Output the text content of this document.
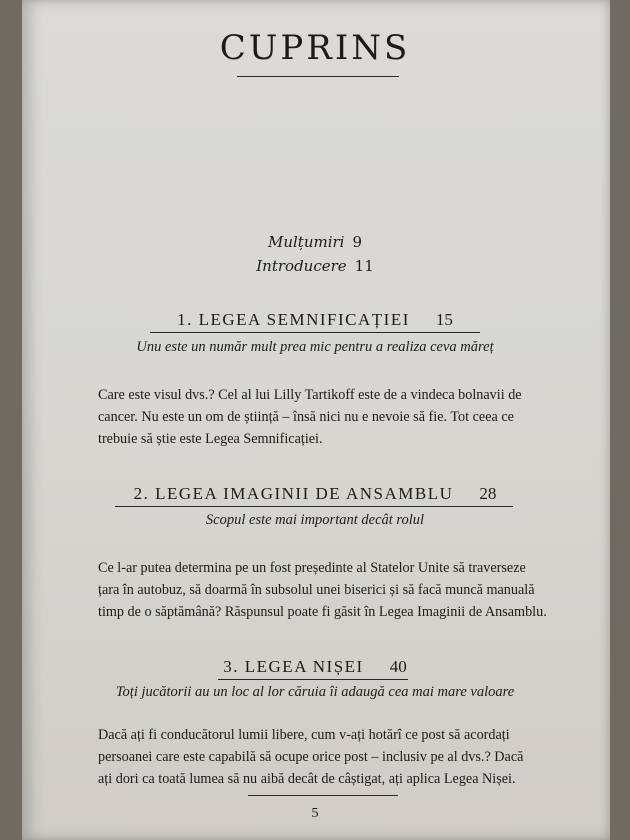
CUPRINS
Mulțumiri 9
Introducere 11
1. LEGEA SEMNIFICAȚIEI 15
Unu este un număr mult prea mic pentru a realiza ceva măreț
Care este visul dvs.? Cel al lui Lilly Tartikoff este de a vindeca bolnavii de
cancer. Nu este un om de știință – însă nici nu e nevoie să fie. Tot ceea ce
trebuie să știe este Legea Semnificației.
2. LEGEA IMAGINII DE ANSAMBLU 28
Scopul este mai important decât rolul
Ce l-ar putea determina pe un fost președinte al Statelor Unite să traverseze
țara în autobuz, să doarmă în subsolul unei biserici și să facă muncă manuală
timp de o săptămână? Răspunsul poate fi găsit în Legea Imaginii de Ansamblu.
3. LEGEA NIȘEI 40
Toți jucătorii au un loc al lor căruia îi adaugă cea mai mare valoare
Dacă ați fi conducătorul lumii libere, cum v-ați hotărî ce post să acordați
persoanei care este capabilă să ocupe orice post – inclusiv pe al dvs.? Dacă
ați dori ca toată lumea să nu aibă decât de câștigat, ați aplica Legea Nișei.
5
